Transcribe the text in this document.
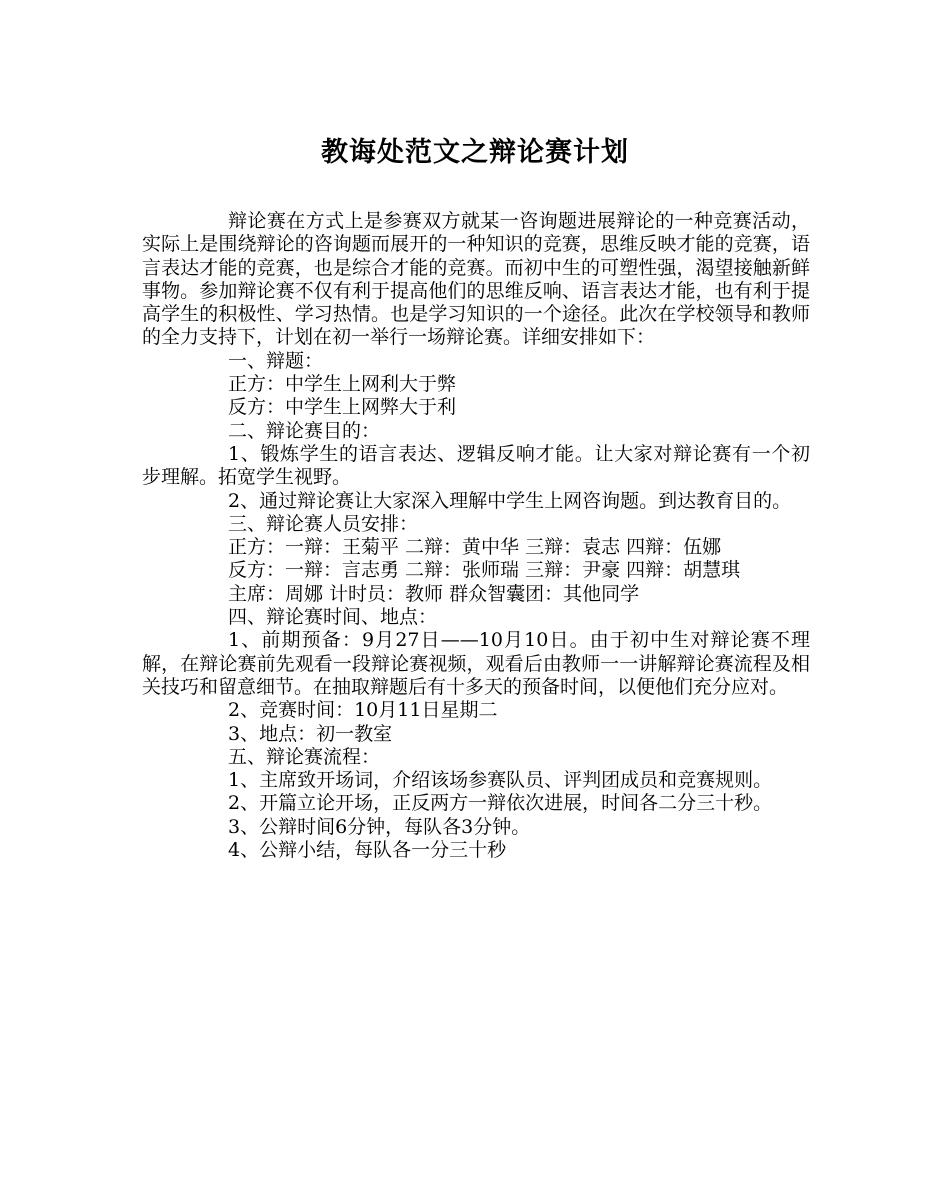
教诲处范文之辩论赛计划

辩论赛在方式上是参赛双方就某一咨询题进展辩论的一种竞赛活动，实际上是围绕辩论的咨询题而展开的一种知识的竞赛，思维反映才能的竞赛，语言表达才能的竞赛，也是综合才能的竞赛。而初中生的可塑性强，渴望接触新鲜事物。参加辩论赛不仅有利于提高他们的思维反响、语言表达才能，也有利于提高学生的积极性、学习热情。也是学习知识的一个途径。此次在学校领导和教师的全力支持下，计划在初一举行一场辩论赛。详细安排如下：

一、辩题：

正方：中学生上网利大于弊

反方：中学生上网弊大于利

二、辩论赛目的：

1、锻炼学生的语言表达、逻辑反响才能。让大家对辩论赛有一个初步理解。拓宽学生视野。

2、通过辩论赛让大家深入理解中学生上网咨询题。到达教育目的。

三、辩论赛人员安排：

正方：一辩：王菊平 二辩：黄中华 三辩：袁志 四辩：伍娜

反方：一辩：言志勇 二辩：张师瑞 三辩：尹豪 四辩：胡慧琪

主席：周娜 计时员：教师 群众智囊团：其他同学

四、辩论赛时间、地点：

1、前期预备：9月27日——10月10日。由于初中生对辩论赛不理解，在辩论赛前先观看一段辩论赛视频，观看后由教师一一讲解辩论赛流程及相关技巧和留意细节。在抽取辩题后有十多天的预备时间，以便他们充分应对。

2、竞赛时间：10月11日星期二

3、地点：初一教室

五、辩论赛流程：

1、主席致开场词，介绍该场参赛队员、评判团成员和竞赛规则。

2、开篇立论开场，正反两方一辩依次进展，时间各二分三十秒。

3、公辩时间6分钟，每队各3分钟。

4、公辩小结，每队各一分三十秒
